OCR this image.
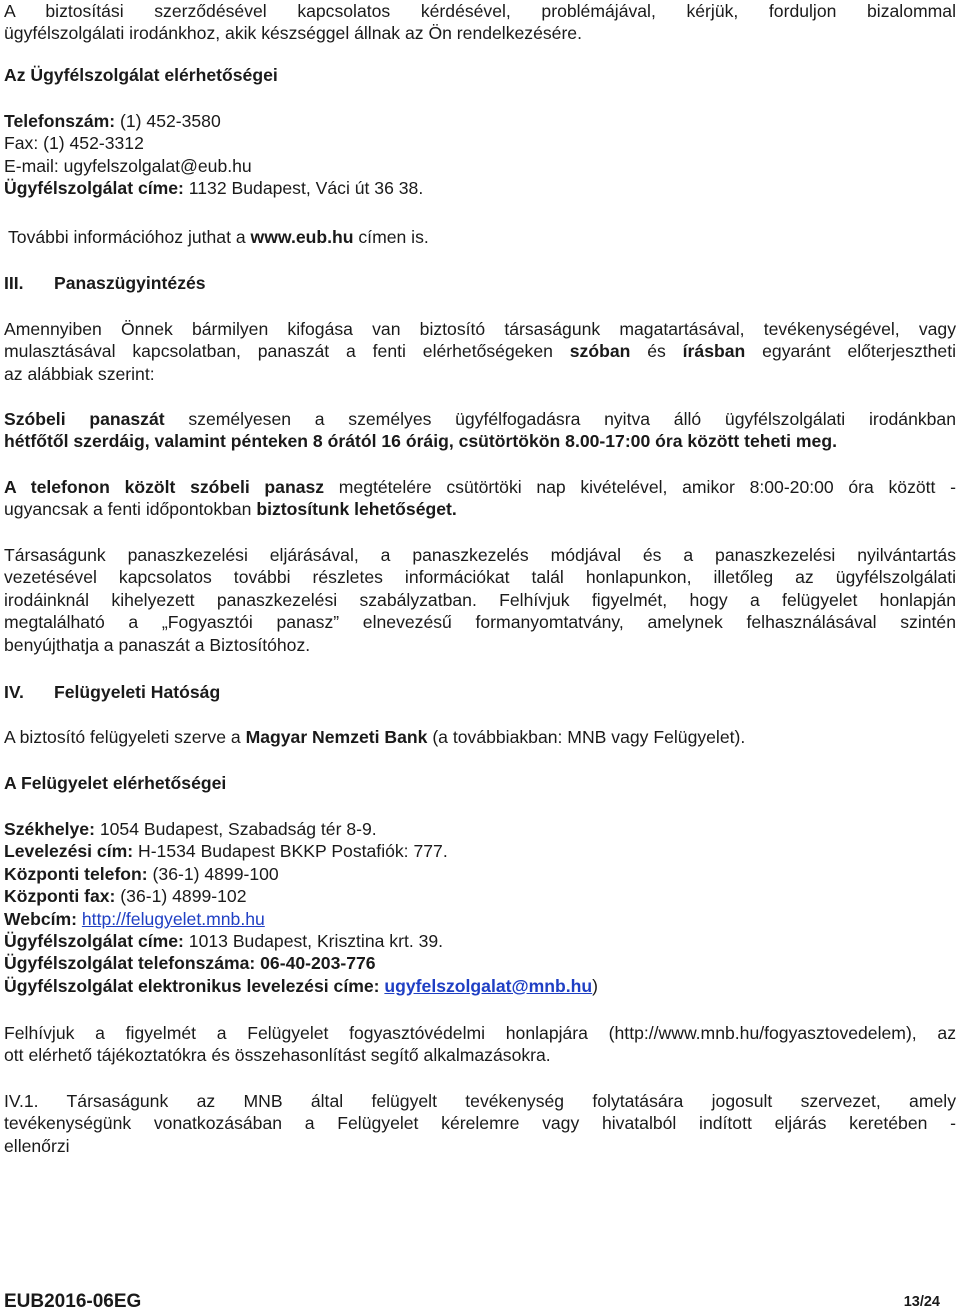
A biztosítási szerződésével kapcsolatos kérdésével, problémájával, kérjük, forduljon bizalommal
ügyfélszolgálati irodánkhoz, akik készséggel állnak az Ön rendelkezésére.
Az Ügyfélszolgálat elérhetőségei
Telefonszám: (1) 452-3580
Fax: (1) 452-3312
E-mail: ugyfelszolgalat@eub.hu
Ügyfélszolgálat címe: 1132 Budapest, Váci út 36 38.
További információhoz juthat a www.eub.hu címen is.
III.	Panaszügyintézés
Amennyiben Önnek bármilyen kifogása van biztosító társaságunk magatartásával, tevékenységével, vagy
mulasztásával kapcsolatban, panaszát a fenti elérhetőségeken szóban és írásban egyaránt előterjesztheti
az alábbiak szerint:
Szóbeli panaszát személyesen a személyes ügyfélfogadásra nyitva álló ügyfélszolgálati irodánkban
hétfőtől szerdáig, valamint pénteken 8 órától 16 óráig, csütörtökön 8.00-17:00 óra között teheti meg.
A telefonon közölt szóbeli panasz megtételére csütörtöki nap kivételével, amikor 8:00-20:00 óra között -
ugyancsak a fenti időpontokban biztosítunk lehetőséget.
Társaságunk panaszkezelési eljárásával, a panaszkezelés módjával és a panaszkezelési nyilvántartás
vezetésével kapcsolatos további részletes információkat talál honlapunkon, illetőleg az ügyfélszolgálati
irodáinknál kihelyezett panaszkezelési szabályzatban. Felhívjuk figyelmét, hogy a felügyelet honlapján
megtalálható a „Fogyasztói panasz” elnevezésű formanyomtatvány, amelynek felhasználásával szintén
benyújthatja a panaszát a Biztosítóhoz.
IV.	Felügyeleti Hatóság
A biztosító felügyeleti szerve a Magyar Nemzeti Bank (a továbbiakban: MNB vagy Felügyelet).
A Felügyelet elérhetőségei
Székhelye: 1054 Budapest, Szabadság tér 8-9.
Levelezési cím: H-1534 Budapest BKKP Postafiók: 777.
Központi telefon: (36-1) 4899-100
Központi fax: (36-1) 4899-102
Webcím: http://felugyelet.mnb.hu
Ügyfélszolgálat címe: 1013 Budapest, Krisztina krt. 39.
Ügyfélszolgálat telefonszáma: 06-40-203-776
Ügyfélszolgálat elektronikus levelezési címe: ugyfelszolgalat@mnb.hu)
Felhívjuk a figyelmét a Felügyelet fogyasztóvédelmi honlapjára (http://www.mnb.hu/fogyasztovedelem), az
ott elérhető tájékoztatókra és összehasonlítást segítő alkalmazásokra.
IV.1. Társaságunk az MNB által felügyelt tevékenység folytatására jogosult szervezet, amely
tevékenységünk vonatkozásában a Felügyelet kérelemre vagy hivatalból indított eljárás keretében -
ellenőrzi
EUB2016-06EG	13/24
